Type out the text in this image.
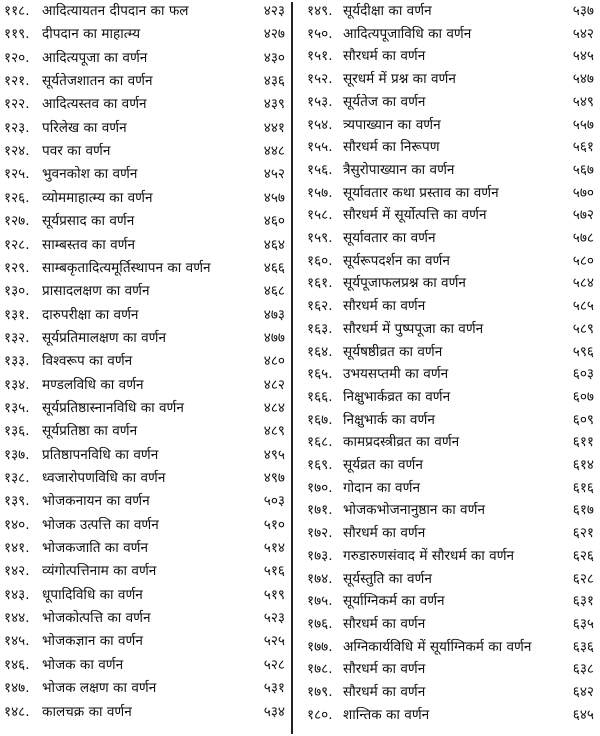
११८. आदित्यायतन दीपदान का फल	४२३
११९. दीपदान का माहात्म्य	४२७
१२०. आदित्यपूजा का वर्णन	४३०
१२१. सूर्यतेजशातन का वर्णन	४३६
१२२. आदित्यस्तव का वर्णन	४३९
१२३. परिलेख का वर्णन	४४१
१२४. पवर का वर्णन	४४८
१२५. भुवनकोश का वर्णन	४५२
१२६. व्योममाहात्म्य का वर्णन	४५७
१२७. सूर्यप्रसाद का वर्णन	४६०
१२८. साम्बस्तव का वर्णन	४६४
१२९. साम्बकृतादित्यमूर्तिस्थापन का वर्णन	४६६
१३०. प्रासादलक्षण का वर्णन	४६८
१३१. दारुपरीक्षा का वर्णन	४७३
१३२. सूर्यप्रतिमालक्षण का वर्णन	४७७
१३३. विश्वरूप का वर्णन	४८०
१३४. मण्डलविधि का वर्णन	४८२
१३५. सूर्यप्रतिष्ठास्नानविधि का वर्णन	४८४
१३६. सूर्यप्रतिष्ठा का वर्णन	४८९
१३७. प्रतिष्ठापनविधि का वर्णन	४९५
१३८. ध्वजारोपणविधि का वर्णन	४९७
१३९. भोजकनायन का वर्णन	५०३
१४०. भोजक उत्पत्ति का वर्णन	५१०
१४१. भोजकजाति का वर्णन	५१४
१४२. व्यंगोत्पत्तिनाम का वर्णन	५१६
१४३. धूपादिविधि का वर्णन	५१९
१४४. भोजकोत्पत्ति का वर्णन	५२३
१४५. भोजकज्ञान का वर्णन	५२५
१४६. भोजक का वर्णन	५२८
१४७. भोजक लक्षण का वर्णन	५३१
१४८. कालचक्र का वर्णन	५३४
१४९. सूर्यदीक्षा का वर्णन	५३७
१५०. आदित्यपूजाविधि का वर्णन	५४२
१५१. सौरधर्म का वर्णन	५४५
१५२. सूरधर्म में प्रश्न का वर्णन	५४७
१५३. सूर्यतेज का वर्णन	५४९
१५४. त्र्यपाख्यान का वर्णन	५५७
१५५. सौरधर्म का निरूपण	५६१
१५६. त्रैसुरोपाख्यान का वर्णन	५६७
१५७. सूर्यावतार कथा प्रस्ताव का वर्णन	५७०
१५८. सौरधर्म में सूर्योत्पत्ति का वर्णन	५७२
१५९. सूर्यावतार का वर्णन	५७८
१६०. सूर्यरूपदर्शन का वर्णन	५८०
१६१. सूर्यपूजाफलप्रश्न का वर्णन	५८४
१६२. सौरधर्म का वर्णन	५८५
१६३. सौरधर्म में पुष्पपूजा का वर्णन	५८९
१६४. सूर्यषष्ठीव्रत का वर्णन	५९६
१६५. उभयसप्तमी का वर्णन	६०३
१६६. निक्षुभार्कव्रत का वर्णन	६०७
१६७. निक्षुभार्क का वर्णन	६०९
१६८. कामप्रदस्त्रीव्रत का वर्णन	६११
१६९. सूर्यव्रत का वर्णन	६१४
१७०. गोदान का वर्णन	६१६
१७१. भोजकभोजनानुष्ठान का वर्णन	६१७
१७२. सौरधर्म का वर्णन	६२१
१७३. गरुडारुणसंवाद में सौरधर्म का वर्णन	६२६
१७४. सूर्यस्तुति का वर्णन	६२८
१७५. सूर्याग्निकर्म का वर्णन	६३१
१७६. सौरधर्म का वर्णन	६३५
१७७. अग्निकार्यविधि में सूर्याग्निकर्म का वर्णन	६३६
१७८. सौरधर्म का वर्णन	६३८
१७९. सौरधर्म का वर्णन	६४२
१८०. शान्तिक का वर्णन	६४५
